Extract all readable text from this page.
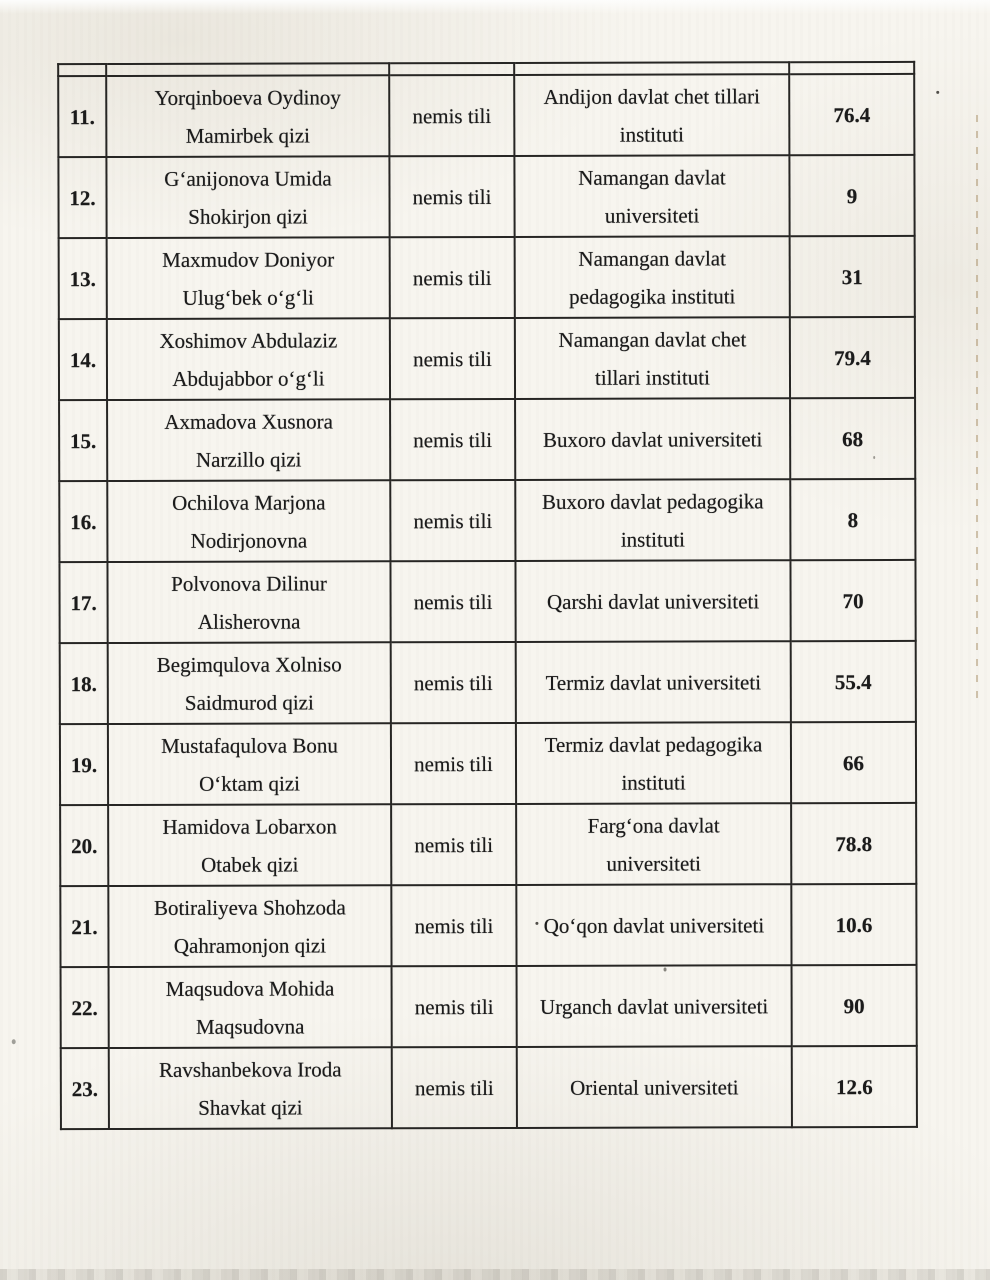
11.	Yorqinboeva Oydinoy
Mamirbek qizi	nemis tili	Andijon davlat chet tillari
instituti	76.4
12.	G‘anijonova Umida
Shokirjon qizi	nemis tili	Namangan davlat
universiteti	9
13.	Maxmudov Doniyor
Ulug‘bek o‘g‘li	nemis tili	Namangan davlat
pedagogika instituti	31
14.	Xoshimov Abdulaziz
Abdujabbor o‘g‘li	nemis tili	Namangan davlat chet
tillari instituti	79.4
15.	Axmadova Xusnora
Narzillo qizi	nemis tili	Buxoro davlat universiteti	68
16.	Ochilova Marjona
Nodirjonovna	nemis tili	Buxoro davlat pedagogika
instituti	8
17.	Polvonova Dilinur
Alisherovna	nemis tili	Qarshi davlat universiteti	70
18.	Begimqulova Xolniso
Saidmurod qizi	nemis tili	Termiz davlat universiteti	55.4
19.	Mustafaqulova Bonu
O‘ktam qizi	nemis tili	Termiz davlat pedagogika
instituti	66
20.	Hamidova Lobarxon
Otabek qizi	nemis tili	Farg‘ona davlat
universiteti	78.8
21.	Botiraliyeva Shohzoda
Qahramonjon qizi	nemis tili	Qo‘qon davlat universiteti	10.6
22.	Maqsudova Mohida
Maqsudovna	nemis tili	Urganch davlat universiteti	90
23.	Ravshanbekova Iroda
Shavkat qizi	nemis tili	Oriental universiteti	12.6
